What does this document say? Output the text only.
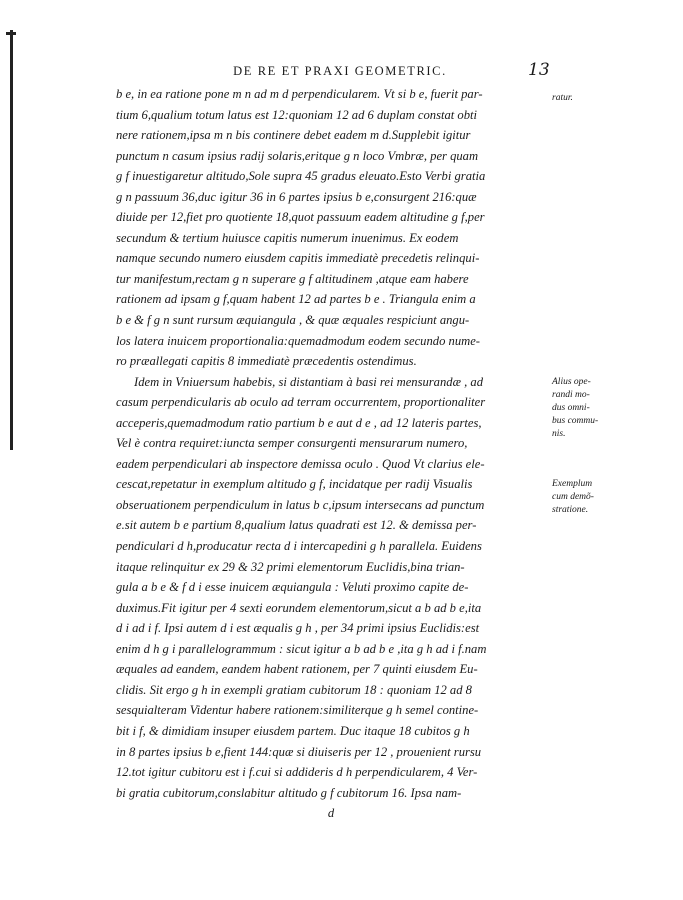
DE RE ET PRAXI GEOMETRIC.	13
b e, in ea ratione pone m n ad m d perpendicularem. Vt si b e, fuerit par-
tium 6,qualium totum latus est 12:quoniam 12 ad 6 duplam constat obti
nere rationem,ipsa m n bis continere debet eadem m d.Supplebit igitur
punctum n casum ipsius radij solaris,eritque g n loco Vmbræ, per quam
g f inuestigaretur altitudo,Sole supra 45 gradus eleuato.Esto Verbi gratia
g n passuum 36,duc igitur 36 in 6 partes ipsius b e,consurgent 216:quæ
diuide per 12,fiet pro quotiente 18,quot passuum eadem altitudine g f,per
secundum & tertium huiusce capitis numerum inuenimus. Ex eodem
namque secundo numero eiusdem capitis immediatè precedetis relinqui-
tur manifestum,rectam g n superare g f altitudinem ,atque eam habere
rationem ad ipsam g f,quam habent 12 ad partes b e . Triangula enim a
b e & f g n sunt rursum æquiangula , & quæ æquales respiciunt angu-
los latera inuicem proportionalia:quemadmodum eodem secundo nume-
ro præallegati capitis 8 immediatè præcedentis ostendimus.
Idem in Vniuersum habebis, si distantiam à basi rei mensurandæ , ad
casum perpendicularis ab oculo ad terram occurrentem, proportionaliter
acceperis,quemadmodum ratio partium b e aut d e , ad 12 lateris partes,
Vel è contra requiret:iuncta semper consurgenti mensurarum numero,
eadem perpendiculari ab inspectore demissa oculo . Quod Vt clarius ele-
cescat,repetatur in exemplum altitudo g f, incidatque per radij Visualis
obseruationem perpendiculum in latus b c,ipsum intersecans ad punctum
e.sit autem b e partium 8,qualium latus quadrati est 12. & demissa per-
pendiculari d h,producatur recta d i intercapedini g h parallela. Euidens
itaque relinquitur ex 29 & 32 primi elementorum Euclidis,bina trian-
gula a b e & f d i esse inuicem æquiangula : Veluti proximo capite de-
duximus.Fit igitur per 4 sexti eorundem elementorum,sicut a b ad b e,ita
d i ad i f. Ipsi autem d i est æqualis g h , per 34 primi ipsius Euclidis:est
enim d h g i parallelogrammum : sicut igitur a b ad b e ,ita g h ad i f.nam
æquales ad eandem, eandem habent rationem, per 7 quinti eiusdem Eu-
clidis. Sit ergo g h in exempli gratiam cubitorum 18 : quoniam 12 ad 8
sesquialteram Videntur habere rationem:similiterque g h semel contine-
bit i f, & dimidiam insuper eiusdem partem. Duc itaque 18 cubitos g h
in 8 partes ipsius b e,fient 144:quæ si diuiseris per 12 , prouenient rursu
12.tot igitur cubitoru est i f.cui si addideris d h perpendicularem, 4 Ver-
bi gratia cubitorum,conslabitur altitudo g f cubitorum 16. Ipsa nam-
d
ratur.
Alius ope-
randi mo-
dus omni-
bus commu-
nis.
Exemplum
cum demõ-
stratione.
